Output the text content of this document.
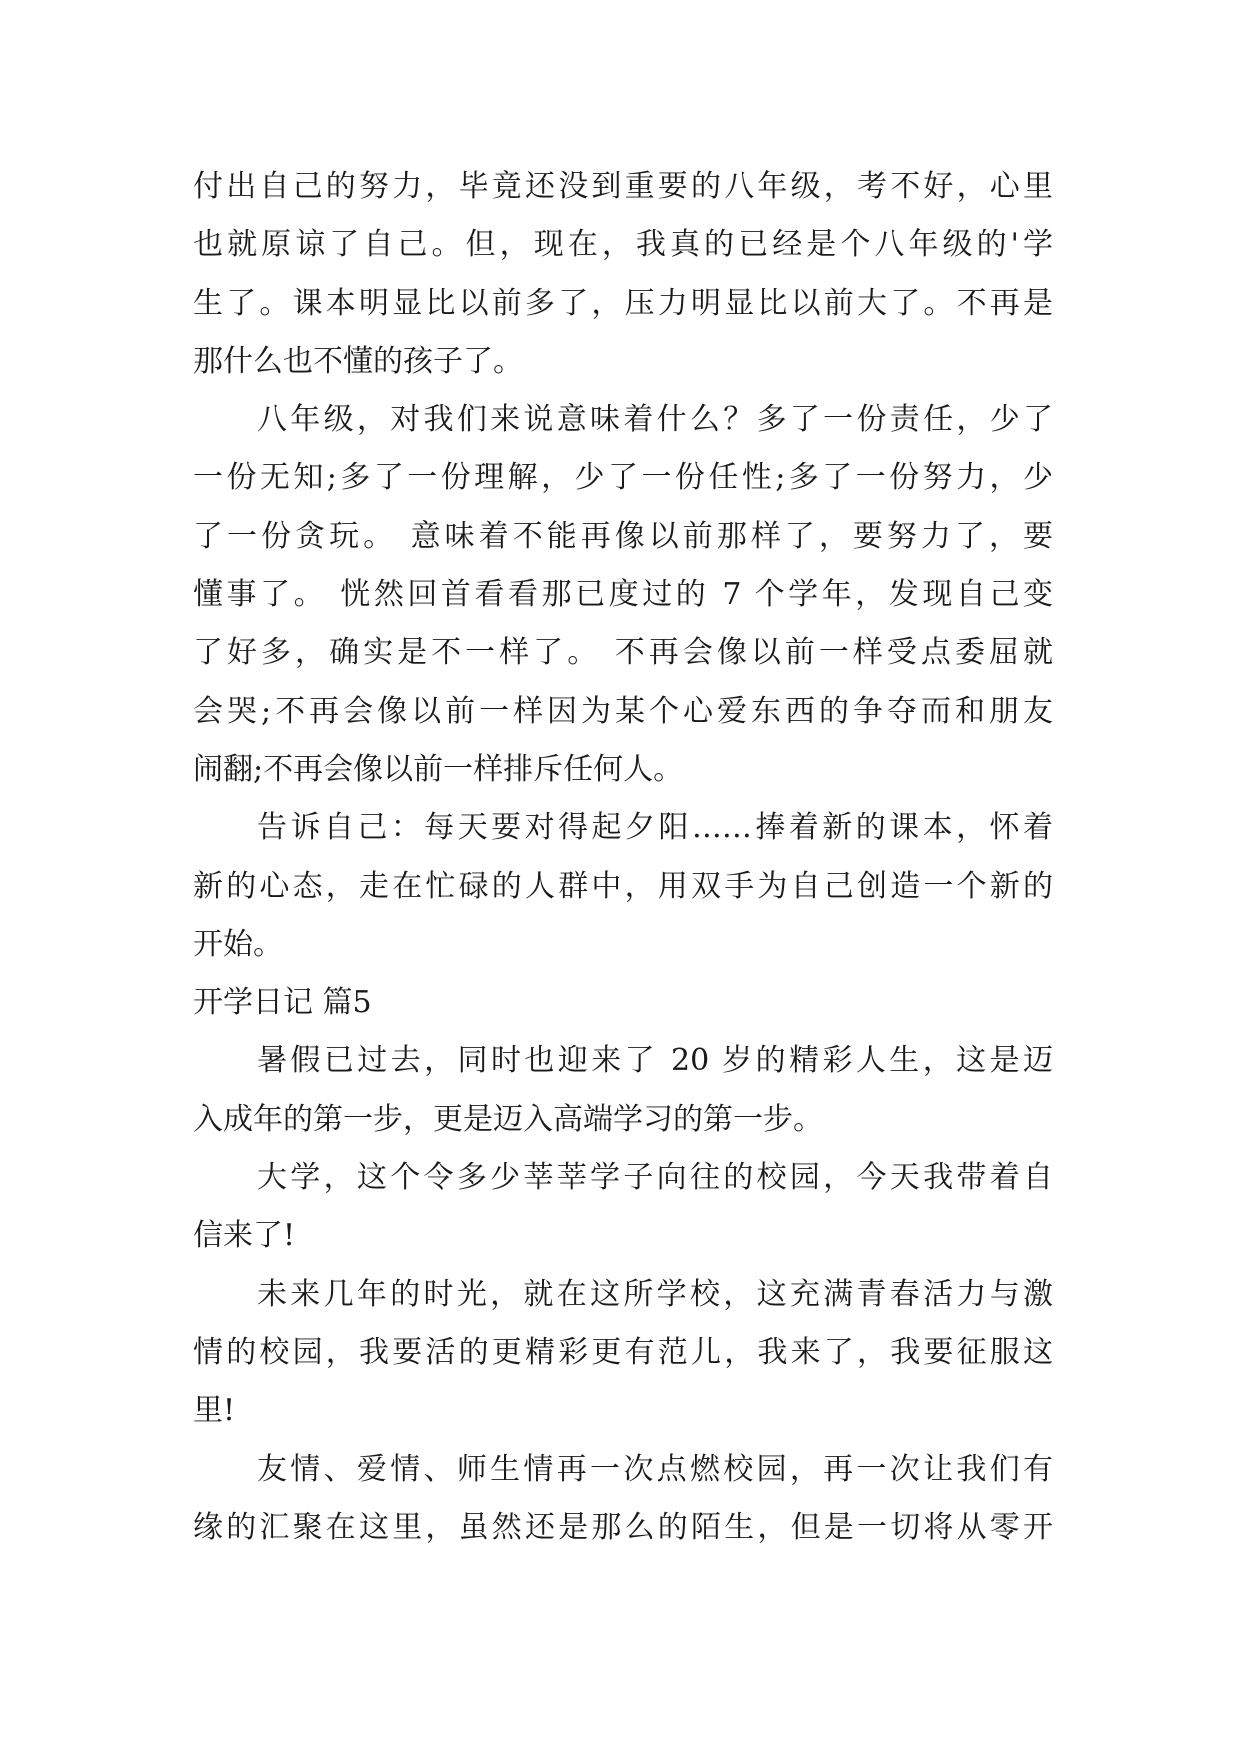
付出自己的努力，毕竟还没到重要的八年级，考不好，心里
也就原谅了自己。但，现在，我真的已经是个八年级的'学
生了。课本明显比以前多了，压力明显比以前大了。不再是
那什么也不懂的孩子了。
八年级，对我们来说意味着什么？多了一份责任，少了
一份无知;多了一份理解，少了一份任性;多了一份努力，少
了一份贪玩。 意味着不能再像以前那样了，要努力了，要
懂事了。 恍然回首看看那已度过的 7 个学年，发现自己变
了好多，确实是不一样了。 不再会像以前一样受点委屈就
会哭;不再会像以前一样因为某个心爱东西的争夺而和朋友
闹翻;不再会像以前一样排斥任何人。
告诉自己：每天要对得起夕阳……捧着新的课本，怀着
新的心态，走在忙碌的人群中，用双手为自己创造一个新的
开始。
开学日记 篇5
暑假已过去，同时也迎来了 20 岁的精彩人生，这是迈
入成年的第一步，更是迈入高端学习的第一步。
大学，这个令多少莘莘学子向往的校园，今天我带着自
信来了!
未来几年的时光，就在这所学校，这充满青春活力与激
情的校园，我要活的更精彩更有范儿，我来了，我要征服这
里!
友情、爱情、师生情再一次点燃校园，再一次让我们有
缘的汇聚在这里，虽然还是那么的陌生，但是一切将从零开
